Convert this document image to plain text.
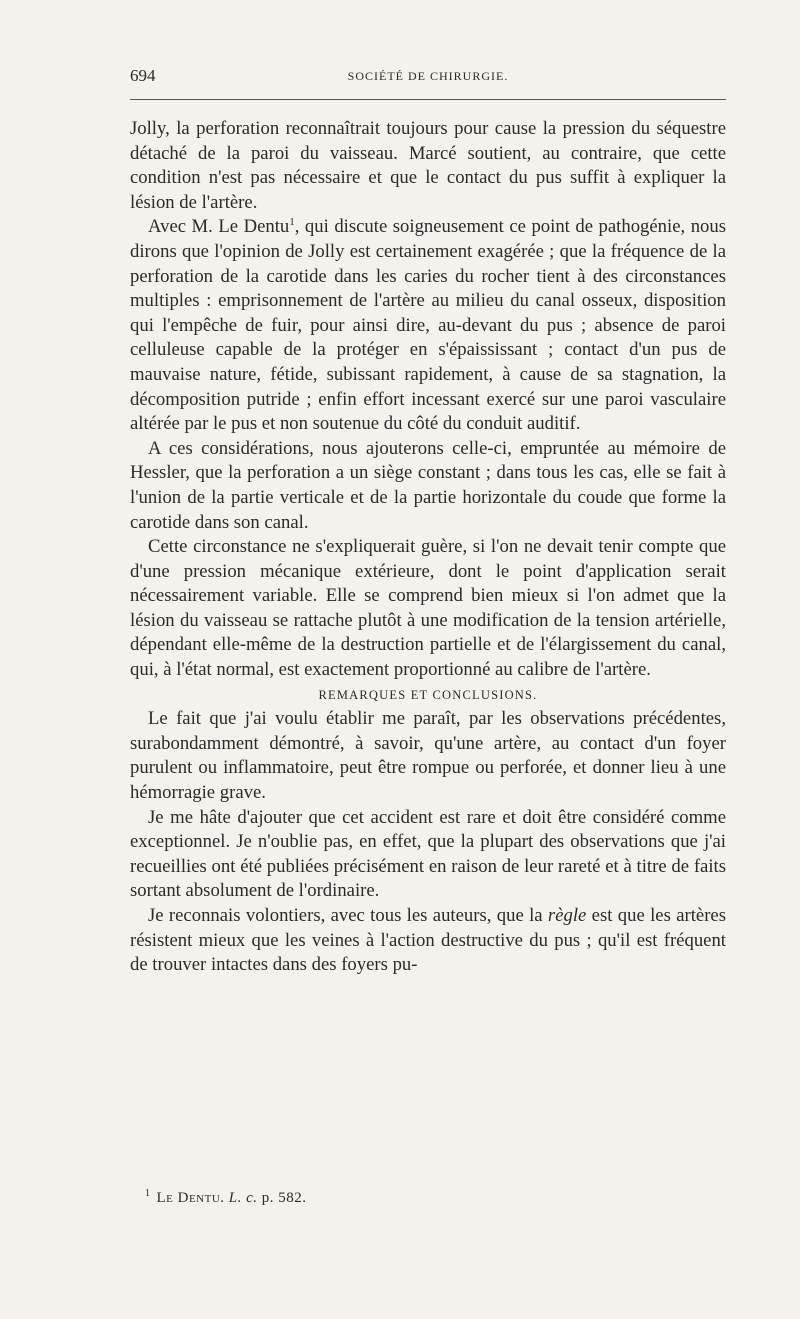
694	SOCIÉTÉ DE CHIRURGIE.

Jolly, la perforation reconnaîtrait toujours pour cause la pression du séquestre détaché de la paroi du vaisseau. Marcé soutient, au contraire, que cette condition n'est pas nécessaire et que le contact du pus suffit à expliquer la lésion de l'artère.

Avec M. Le Dentu$^1$, qui discute soigneusement ce point de pathogénie, nous dirons que l'opinion de Jolly est certainement exagérée ; que la fréquence de la perforation de la carotide dans les caries du rocher tient à des circonstances multiples : emprisonnement de l'artère au milieu du canal osseux, disposition qui l'empêche de fuir, pour ainsi dire, au-devant du pus ; absence de paroi celluleuse capable de la protéger en s'épaississant ; contact d'un pus de mauvaise nature, fétide, subissant rapidement, à cause de sa stagnation, la décomposition putride ; enfin effort incessant exercé sur une paroi vasculaire altérée par le pus et non soutenue du côté du conduit auditif.

A ces considérations, nous ajouterons celle-ci, empruntée au mémoire de Hessler, que la perforation a un siège constant ; dans tous les cas, elle se fait à l'union de la partie verticale et de la partie horizontale du coude que forme la carotide dans son canal.

Cette circonstance ne s'expliquerait guère, si l'on ne devait tenir compte que d'une pression mécanique extérieure, dont le point d'application serait nécessairement variable. Elle se comprend bien mieux si l'on admet que la lésion du vaisseau se rattache plutôt à une modification de la tension artérielle, dépendant elle-même de la destruction partielle et de l'élargissement du canal, qui, à l'état normal, est exactement proportionné au calibre de l'artère.

REMARQUES ET CONCLUSIONS.

Le fait que j'ai voulu établir me paraît, par les observations précédentes, surabondamment démontré, à savoir, qu'une artère, au contact d'un foyer purulent ou inflammatoire, peut être rompue ou perforée, et donner lieu à une hémorragie grave.

Je me hâte d'ajouter que cet accident est rare et doit être considéré comme exceptionnel. Je n'oublie pas, en effet, que la plupart des observations que j'ai recueillies ont été publiées précisément en raison de leur rareté et à titre de faits sortant absolument de l'ordinaire.

Je reconnais volontiers, avec tous les auteurs, que la règle est que les artères résistent mieux que les veines à l'action destructive du pus ; qu'il est fréquent de trouver intactes dans des foyers pu-

$^1$ Le Dentu. L. c. p. 582.
